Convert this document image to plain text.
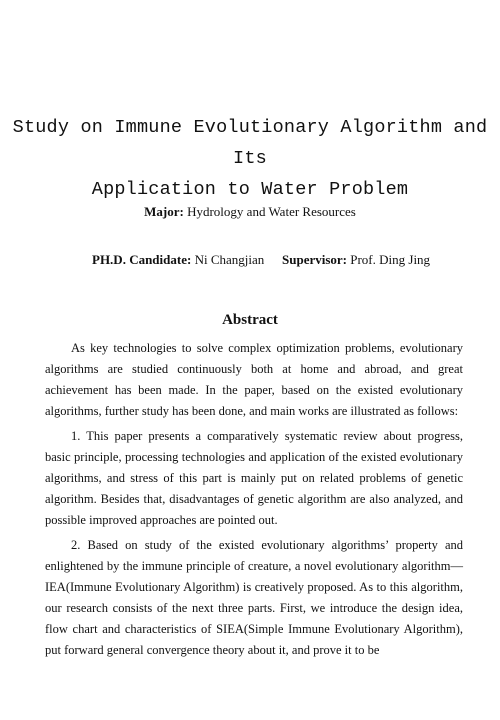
Study on Immune Evolutionary Algorithm and Its
Application to Water Problem
Major: Hydrology and Water Resources
PH.D. Candidate: Ni Changjian Supervisor: Prof. Ding Jing
Abstract

As key technologies to solve complex optimization problems, evolutionary algorithms are studied continuously both at home and abroad, and great achievement has been made. In the paper, based on the existed evolutionary algorithms, further study has been done, and main works are illustrated as follows:

1. This paper presents a comparatively systematic review about progress, basic principle, processing technologies and application of the existed evolutionary algorithms, and stress of this part is mainly put on related problems of genetic algorithm. Besides that, disadvantages of genetic algorithm are also analyzed, and possible improved approaches are pointed out.

2. Based on study of the existed evolutionary algorithms’ property and enlightened by the immune principle of creature, a novel evolutionary algorithm—IEA(Immune Evolutionary Algorithm) is creatively proposed. As to this algorithm, our research consists of the next three parts. First, we introduce the design idea, flow chart and characteristics of SIEA(Simple Immune Evolutionary Algorithm), put forward general convergence theory about it, and prove it to be
